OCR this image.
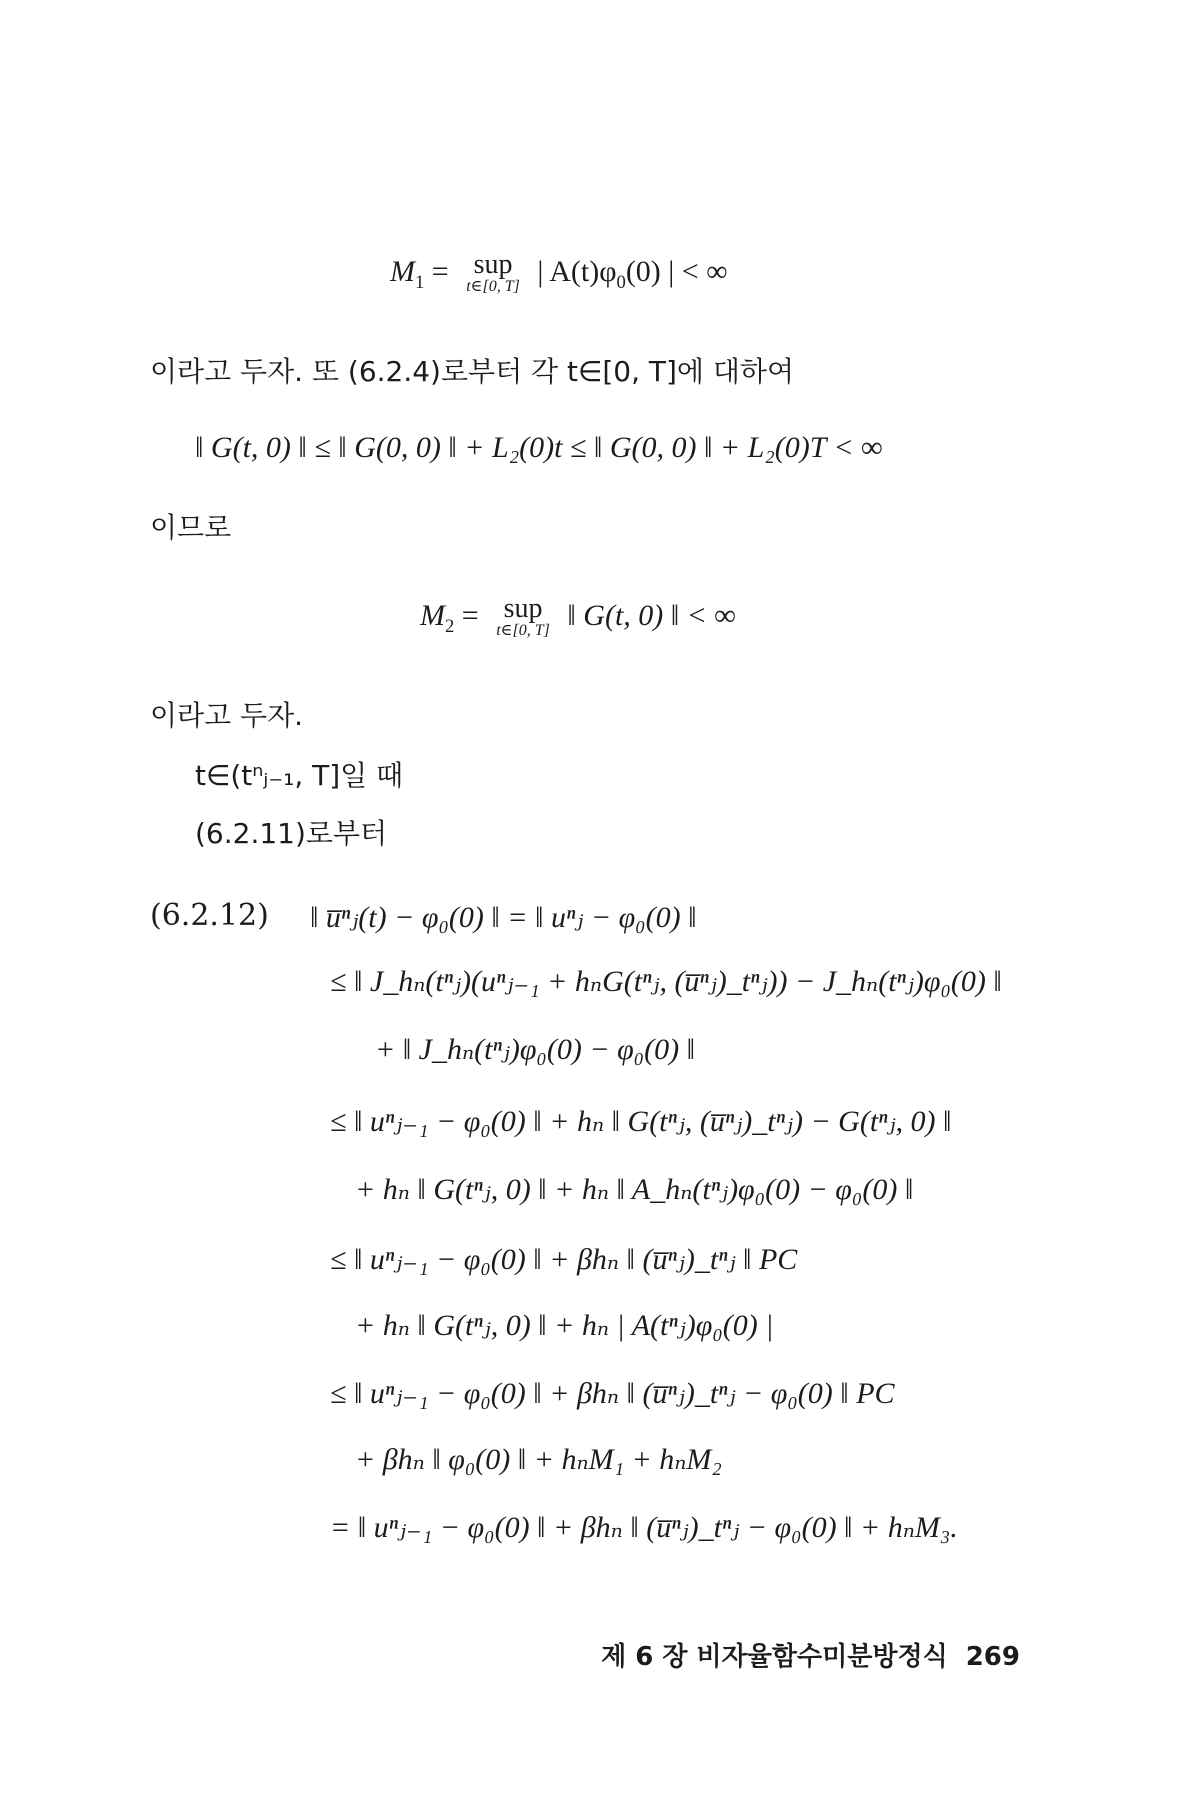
$M_1$ = sup
t∈[0, T] | $A(t)\varphi_0(0)$ | < ∞
이라고 두자. 또 (6.2.4)로부터 각 t∈[0, T]에 대하여
‖ G(t, 0) ‖ ≤ ‖ G(0, 0) ‖ + L₂(0)t ≤ ‖ G(0, 0) ‖ + L₂(0)T < ∞
이므로
$M_2$ = sup
t∈[0, T] ‖ G(t, 0) ‖ < ∞
이라고 두자.
t∈(tⁿⱼ₋₁, T]일 때
(6.2.11)로부터
(6.2.12) ‖ u̅ⁿⱼ(t) − φ₀(0) ‖ = ‖ uⁿⱼ − φ₀(0) ‖
≤ ‖ J_hₙ(tⁿⱼ)(uⁿⱼ₋₁ + hₙG(tⁿⱼ, (u̅ⁿⱼ)_tⁿⱼ)) − J_hₙ(tⁿⱼ)φ₀(0) ‖
+ ‖ J_hₙ(tⁿⱼ)φ₀(0) − φ₀(0) ‖
≤ ‖ uⁿⱼ₋₁ − φ₀(0) ‖ + hₙ ‖ G(tⁿⱼ, (u̅ⁿⱼ)_tⁿⱼ) − G(tⁿⱼ, 0) ‖
+ hₙ ‖ G(tⁿⱼ, 0) ‖ + hₙ ‖ A_hₙ(tⁿⱼ)φ₀(0) − φ₀(0) ‖
≤ ‖ uⁿⱼ₋₁ − φ₀(0) ‖ + βhₙ ‖ (u̅ⁿⱼ)_tⁿⱼ ‖ PC
+ hₙ ‖ G(tⁿⱼ, 0) ‖ + hₙ | A(tⁿⱼ)φ₀(0) |
≤ ‖ uⁿⱼ₋₁ − φ₀(0) ‖ + βhₙ ‖ (u̅ⁿⱼ)_tⁿⱼ − φ₀(0) ‖ PC
+ βhₙ ‖ φ₀(0) ‖ + hₙM₁ + hₙM₂
= ‖ uⁿⱼ₋₁ − φ₀(0) ‖ + βhₙ ‖ (u̅ⁿⱼ)_tⁿⱼ − φ₀(0) ‖ + hₙM₃.
제 6 장 비자율함수미분방정식 269
